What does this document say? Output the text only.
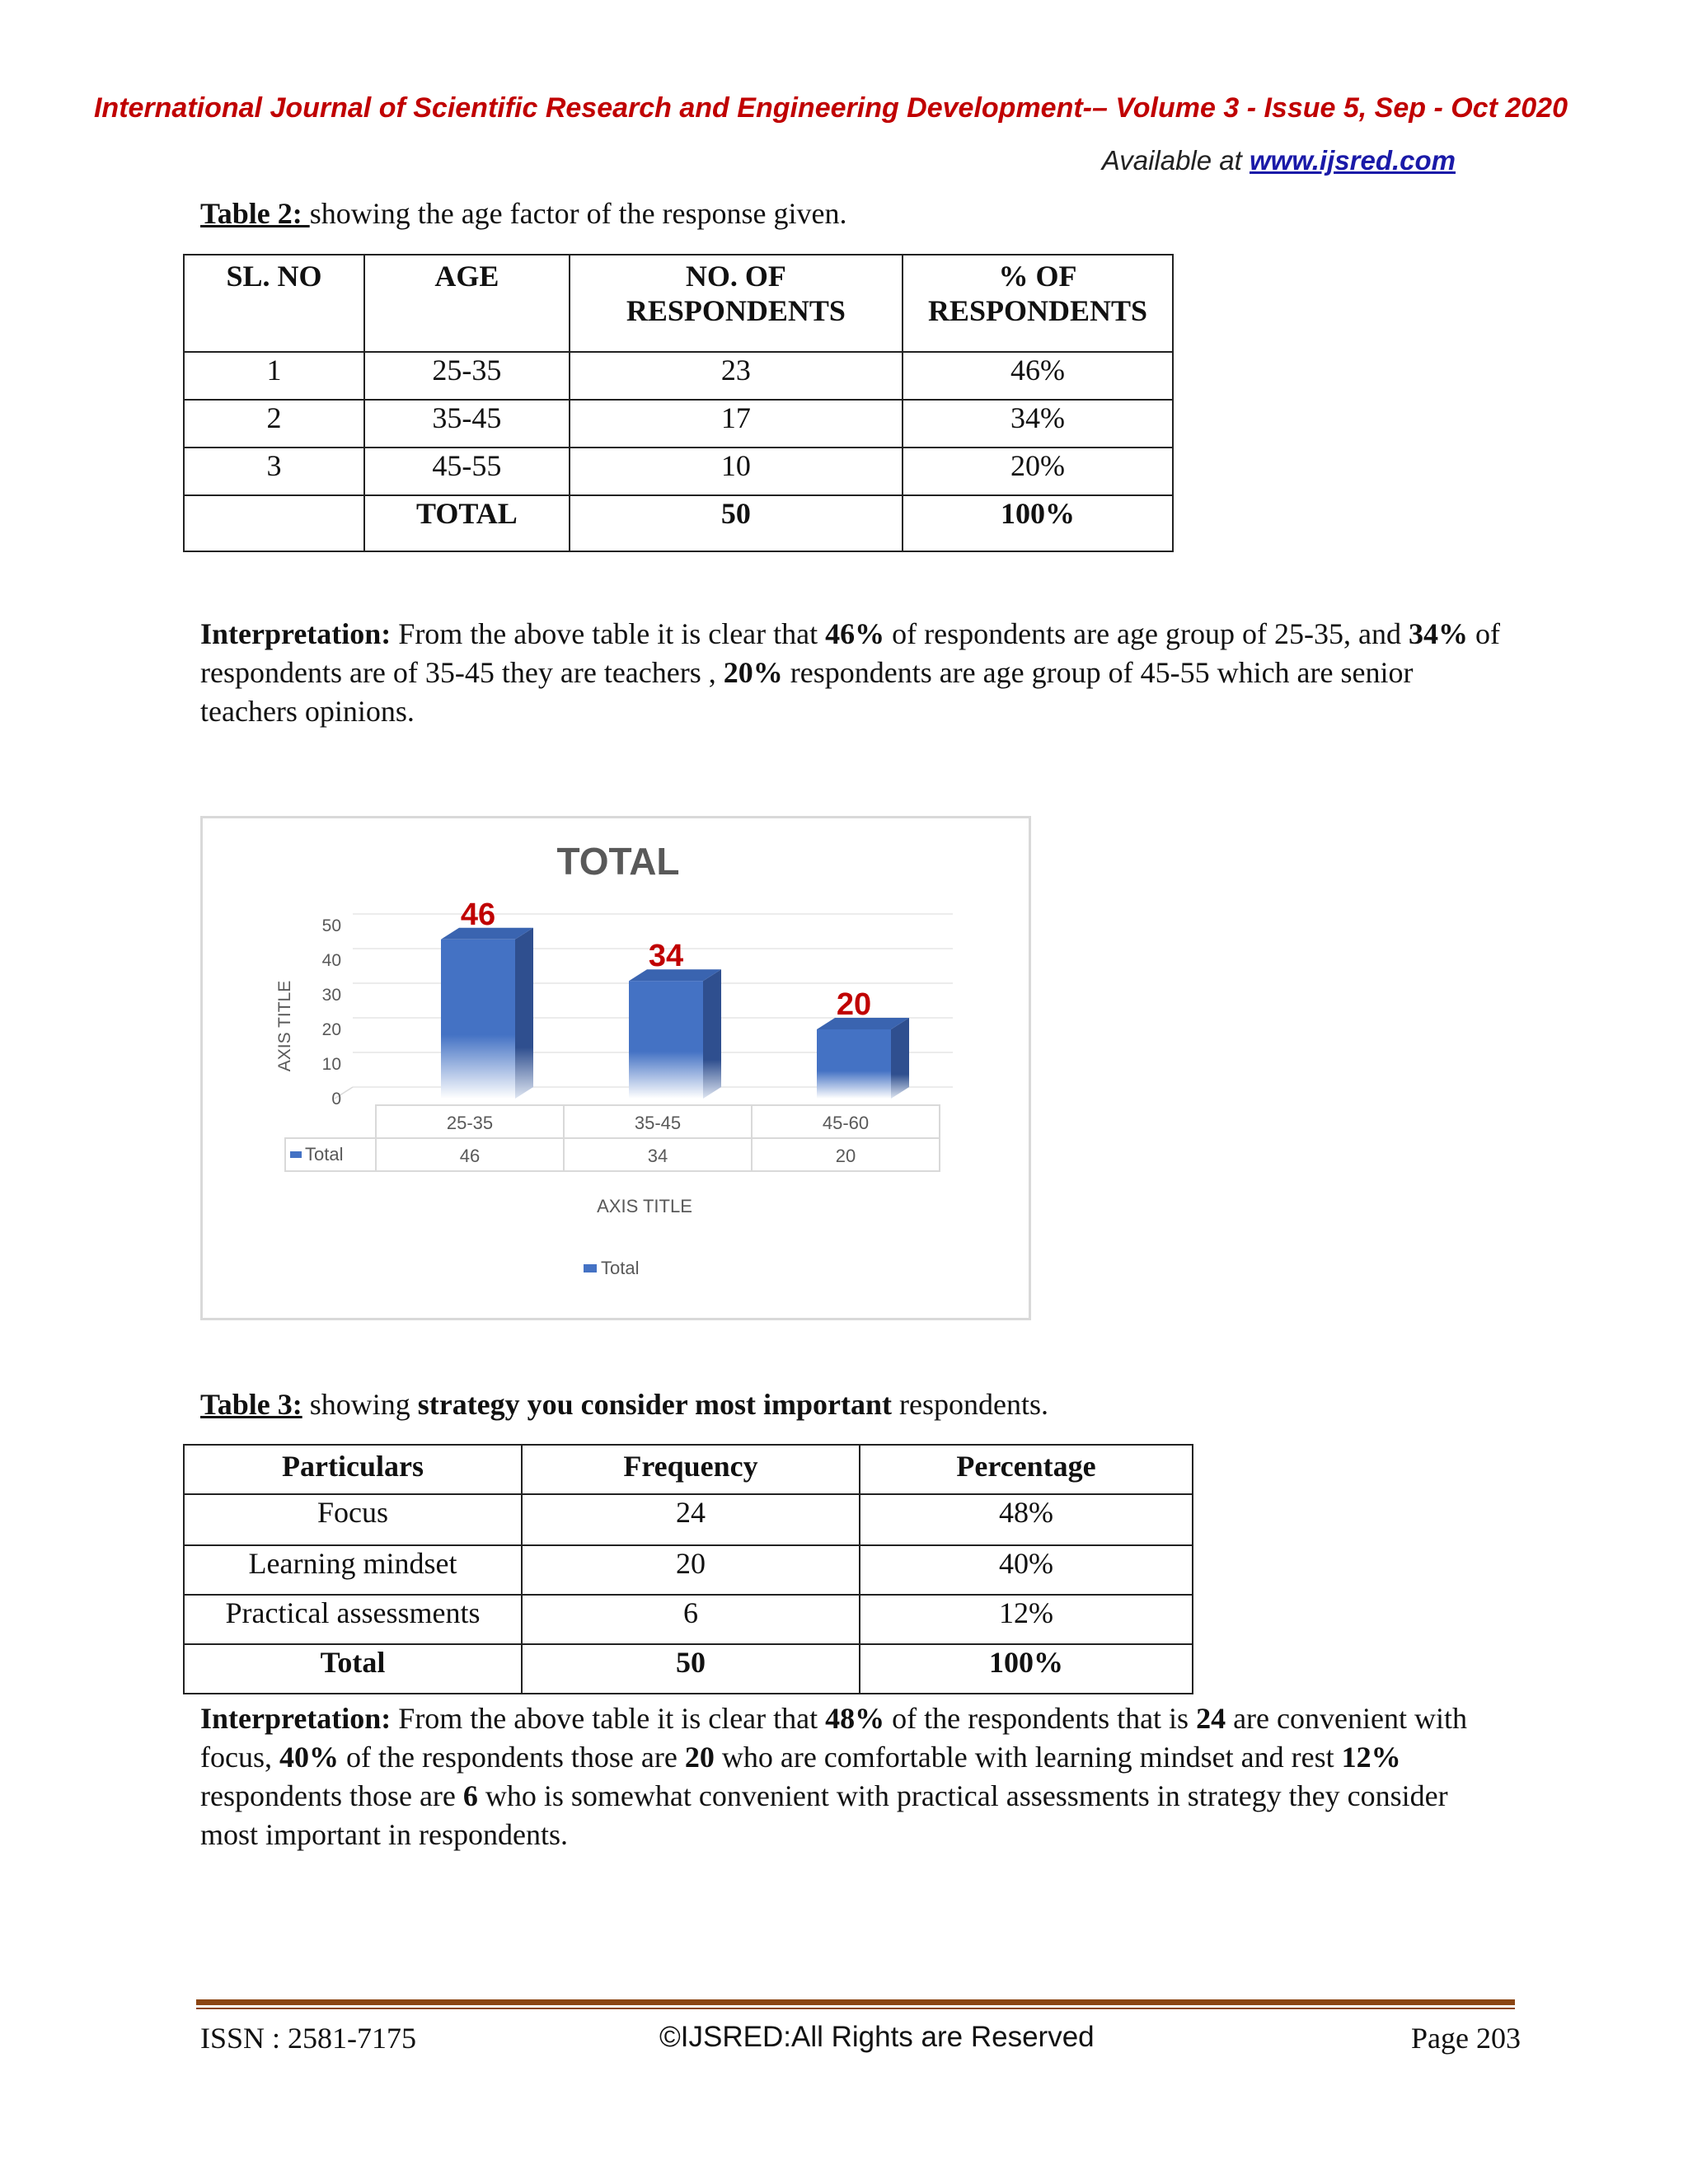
International Journal of Scientific Research and Engineering Development-– Volume 3 - Issue 5, Sep - Oct 2020
Available at www.ijsred.com
Table 2: showing the age factor of the response given.
SL. NO	AGE	NO. OF RESPONDENTS	% OF RESPONDENTS
1	25-35	23	46%
2	35-45	17	34%
3	45-55	10	20%
	TOTAL	50	100%
Interpretation: From the above table it is clear that 46% of respondents are age group of 25-35, and 34% of respondents are of 35-45 they are teachers , 20% respondents are age group of 45-55 which are senior teachers opinions.
TOTAL
0
10
20
30
40
50	46
34
20
25-35
46
35-45
34
45-60
20
Total
AXIS TITLE
AXIS TITLE
Total
Table 3: showing strategy you consider most important respondents.
Particulars	Frequency	Percentage
Focus	24	48%
Learning mindset	20	40%
Practical assessments	6	12%
Total	50	100%
Interpretation: From the above table it is clear that 48% of the respondents that is 24 are convenient with focus, 40% of the respondents those are 20 who are comfortable with learning mindset and rest 12% respondents those are 6 who is somewhat convenient with practical assessments in strategy they consider most important in respondents.
ISSN : 2581-7175	©IJSRED:All Rights are Reserved	Page 203
